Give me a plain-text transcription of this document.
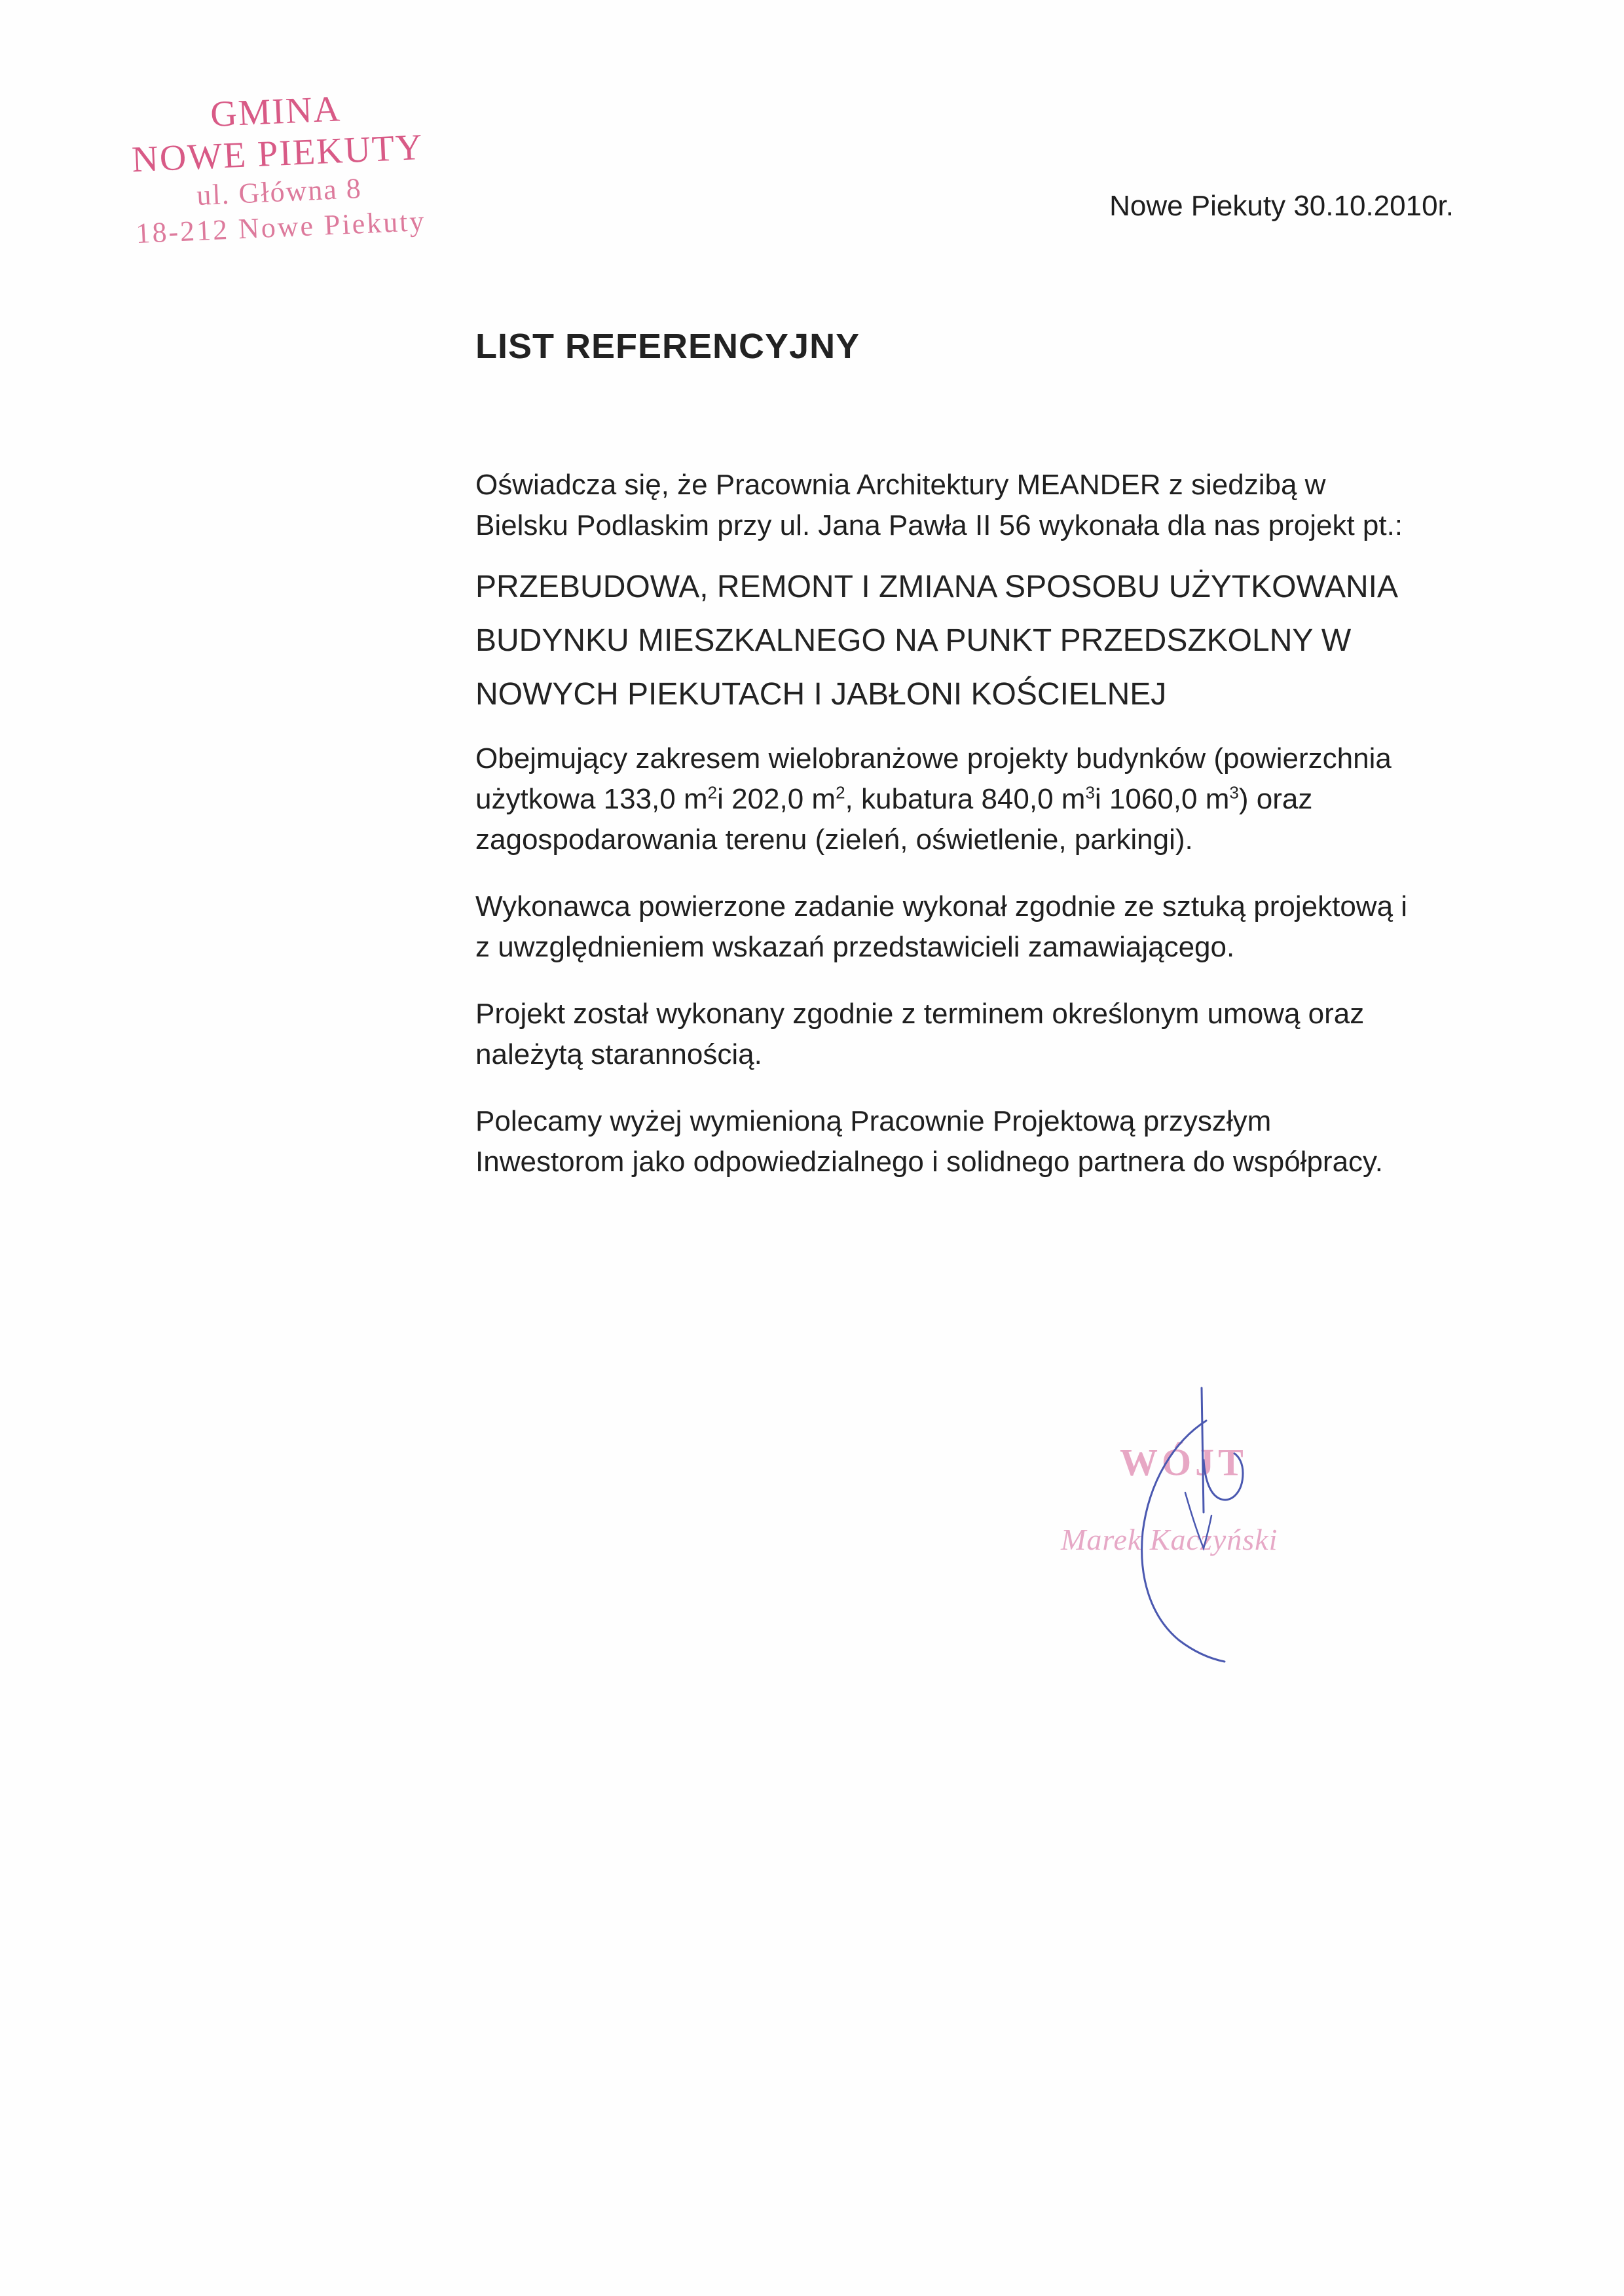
GMINA
NOWE PIEKUTY
ul. Główna 8
18-212 Nowe Piekuty	Nowe Piekuty 30.10.2010r.
LIST REFERENCYJNY
Oświadcza się, że Pracownia Architektury MEANDER z siedzibą w
Bielsku Podlaskim przy ul. Jana Pawła II 56 wykonała dla nas projekt pt.:
PRZEBUDOWA, REMONT I ZMIANA SPOSOBU UŻYTKOWANIA
BUDYNKU MIESZKALNEGO NA PUNKT PRZEDSZKOLNY W
NOWYCH PIEKUTACH I JABŁONI KOŚCIELNEJ
Obejmujący zakresem wielobranżowe projekty budynków (powierzchnia
użytkowa 133,0 $m^2i$ 202,0 $m^2$, kubatura 840,0 $m^3i$ 1060,0 $m^3$) oraz
zagospodarowania terenu (zieleń, oświetlenie, parkingi).
Wykonawca powierzone zadanie wykonał zgodnie ze sztuką projektową i
z uwzględnieniem wskazań przedstawicieli zamawiającego.
Projekt został wykonany zgodnie z terminem określonym umową oraz
należytą starannością.
Polecamy wyżej wymienioną Pracownie Projektową przyszłym
Inwestorom jako odpowiedzialnego i solidnego partnera do współpracy.
WÓJT
Marek Kaczyński
